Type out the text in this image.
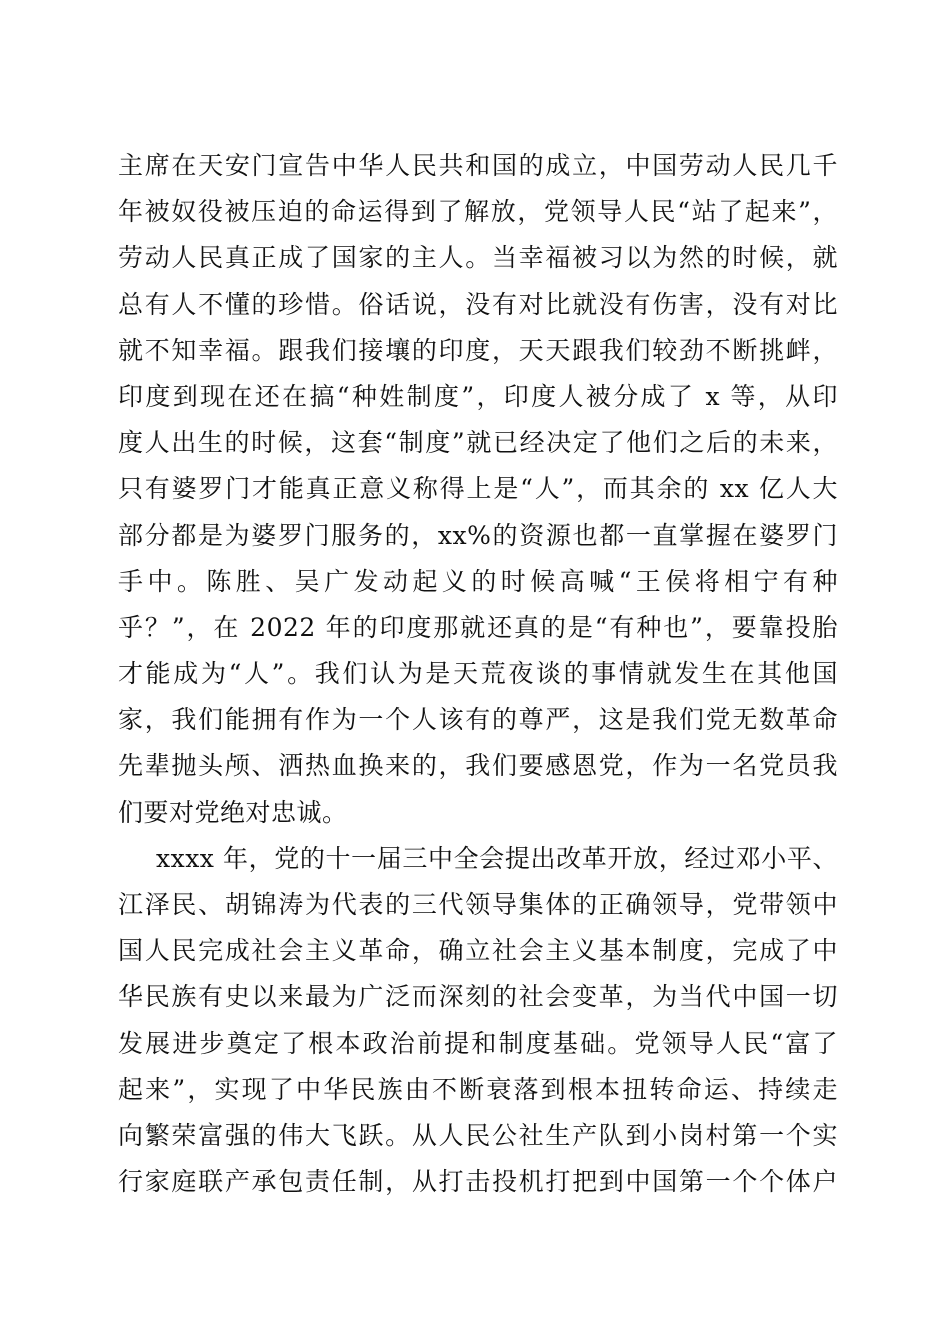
主席在天安门宣告中华人民共和国的成立，中国劳动人民几千
年被奴役被压迫的命运得到了解放，党领导人民“站了起来”，
劳动人民真正成了国家的主人。当幸福被习以为然的时候，就
总有人不懂的珍惜。俗话说，没有对比就没有伤害，没有对比
就不知幸福。跟我们接壤的印度，天天跟我们较劲不断挑衅，
印度到现在还在搞“种姓制度”，印度人被分成了 x 等，从印
度人出生的时候，这套“制度”就已经决定了他们之后的未来，
只有婆罗门才能真正意义称得上是“人”，而其余的 xx 亿人大
部分都是为婆罗门服务的，xx%的资源也都一直掌握在婆罗门
手中。陈胜、吴广发动起义的时候高喊“王侯将相宁有种
乎？”，在 2022 年的印度那就还真的是“有种也”，要靠投胎
才能成为“人”。我们认为是天荒夜谈的事情就发生在其他国
家，我们能拥有作为一个人该有的尊严，这是我们党无数革命
先辈抛头颅、洒热血换来的，我们要感恩党，作为一名党员我
们要对党绝对忠诚。
xxxx 年，党的十一届三中全会提出改革开放，经过邓小平、
江泽民、胡锦涛为代表的三代领导集体的正确领导，党带领中
国人民完成社会主义革命，确立社会主义基本制度，完成了中
华民族有史以来最为广泛而深刻的社会变革，为当代中国一切
发展进步奠定了根本政治前提和制度基础。党领导人民“富了
起来”，实现了中华民族由不断衰落到根本扭转命运、持续走
向繁荣富强的伟大飞跃。从人民公社生产队到小岗村第一个实
行家庭联产承包责任制，从打击投机打把到中国第一个个体户
